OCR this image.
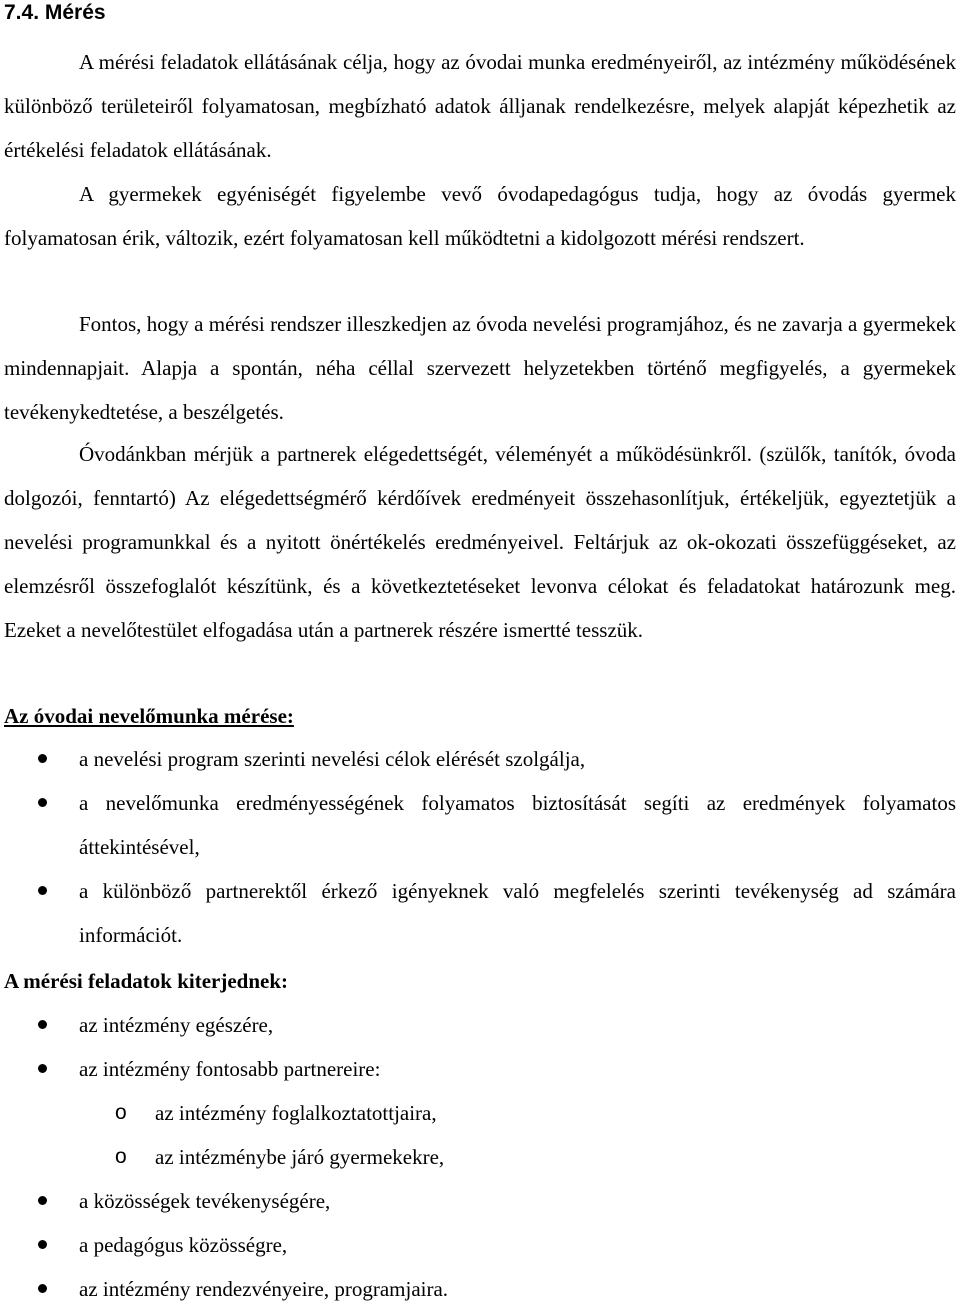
7.4. Mérés

A mérési feladatok ellátásának célja, hogy az óvodai munka eredményeiről, az intézmény működésének különböző területeiről folyamatosan, megbízható adatok álljanak rendelkezésre, melyek alapját képezhetik az értékelési feladatok ellátásának.

A gyermekek egyéniségét figyelembe vevő óvodapedagógus tudja, hogy az óvodás gyermek folyamatosan érik, változik, ezért folyamatosan kell működtetni a kidolgozott mérési rendszert.

Fontos, hogy a mérési rendszer illeszkedjen az óvoda nevelési programjához, és ne zavarja a gyermekek mindennapjait. Alapja a spontán, néha céllal szervezett helyzetekben történő megfigyelés, a gyermekek tevékenykedtetése, a beszélgetés.

Óvodánkban mérjük a partnerek elégedettségét, véleményét a működésünkről. (szülők, tanítók, óvoda dolgozói, fenntartó) Az elégedettségmérő kérdőívek eredményeit összehasonlítjuk, értékeljük, egyeztetjük a nevelési programunkkal és a nyitott önértékelés eredményeivel. Feltárjuk az ok-okozati összefüggéseket, az elemzésről összefoglalót készítünk, és a következtetéseket levonva célokat és feladatokat határozunk meg. Ezeket a nevelőtestület elfogadása után a partnerek részére ismertté tesszük.

Az óvodai nevelőmunka mérése:

a nevelési program szerinti nevelési célok elérését szolgálja,
a nevelőmunka eredményességének folyamatos biztosítását segíti az eredmények folyamatos áttekintésével,
a különböző partnerektől érkező igényeknek való megfelelés szerinti tevékenység ad számára információt.

A mérési feladatok kiterjednek:

az intézmény egészére,
az intézmény fontosabb partnereire:
o az intézmény foglalkoztatottjaira,
o az intézménybe járó gyermekekre,
a közösségek tevékenységére,
a pedagógus közösségre,
az intézmény rendezvényeire, programjaira.
